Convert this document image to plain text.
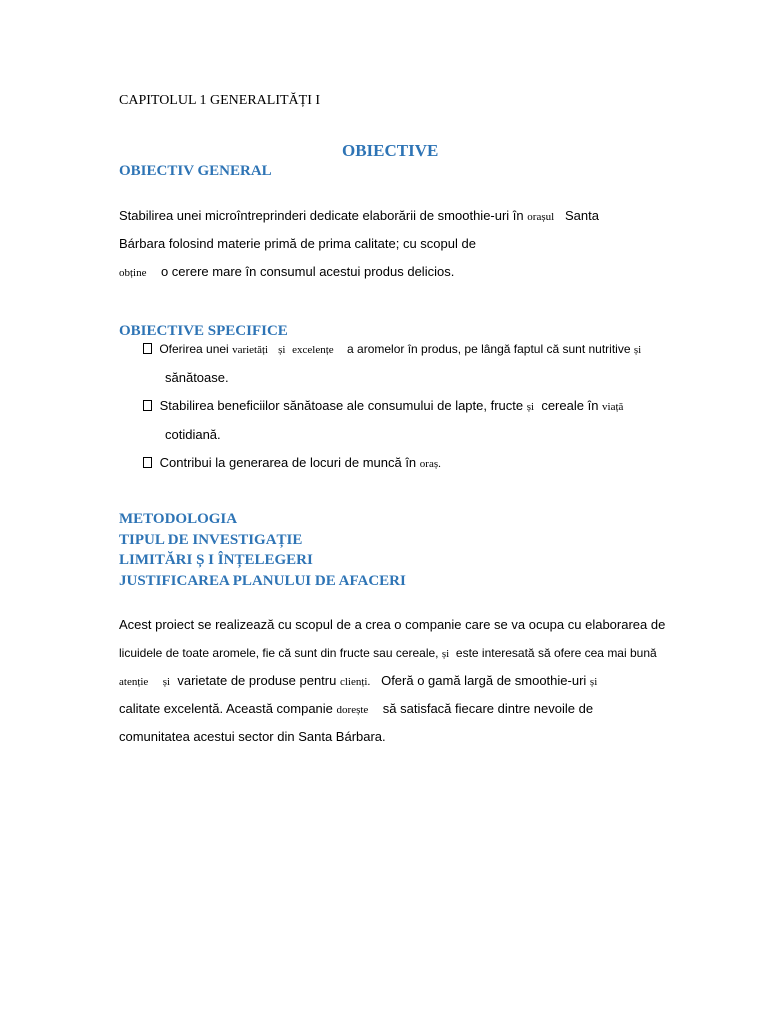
CAPITOLUL 1 GENERALITĂȚI I
OBIECTIVE
OBIECTIV GENERAL
Stabilirea unei microîntreprinderi dedicate elaborării de smoothie-uri în orașul Santa
Bárbara folosind materie primă de prima calitate; cu scopul de
obține o cerere mare în consumul acestui produs delicios.
OBIECTIVE SPECIFICE
Oferirea unei varietăți și excelențe a aromelor în produs, pe lângă faptul că sunt nutritive și
sănătoase.
Stabilirea beneficiilor sănătoase ale consumului de lapte, fructe și cereale în viață
cotidiană.
Contribui la generarea de locuri de muncă în oraș.
METODOLOGIA
TIPUL DE INVESTIGAȚIE
LIMITĂRI Ș I ÎNȚELEGERI
JUSTIFICAREA PLANULUI DE AFACERI
Acest proiect se realizează cu scopul de a crea o companie care se va ocupa cu elaborarea de
licuidele de toate aromele, fie că sunt din fructe sau cereale, și este interesată să ofere cea mai bună
atenție și varietate de produse pentru clienți. Oferă o gamă largă de smoothie-uri și
calitate excelentă. Această companie dorește să satisfacă fiecare dintre nevoile de
comunitatea acestui sector din Santa Bárbara.
